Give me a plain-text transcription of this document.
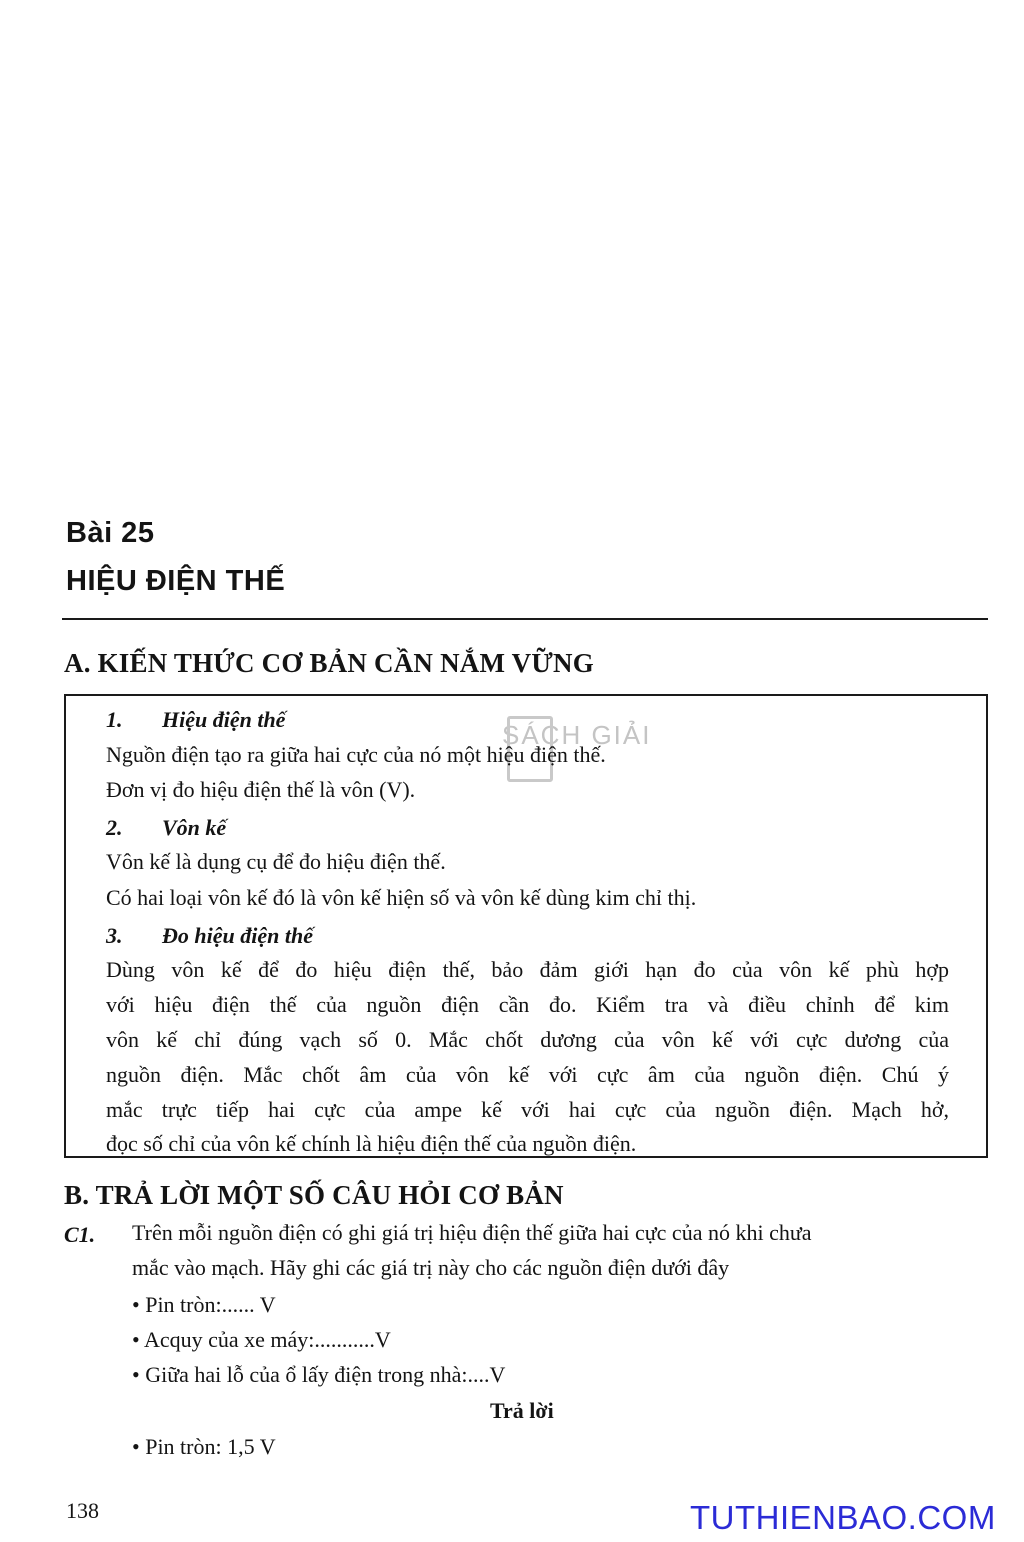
Bài 25
HIỆU ĐIỆN THẾ
A. KIẾN THỨC CƠ BẢN CẦN NẮM VỮNG
SÁCH GIẢI
1. Hiệu điện thế
Nguồn điện tạo ra giữa hai cực của nó một hiệu điện thế.
Đơn vị đo hiệu điện thế là vôn (V).
2. Vôn kế
Vôn kế là dụng cụ để đo hiệu điện thế.
Có hai loại vôn kế đó là vôn kế hiện số và vôn kế dùng kim chỉ thị.
3. Đo hiệu điện thế
Dùng vôn kế để đo hiệu điện thế, bảo đảm giới hạn đo của vôn kế phù hợp
với hiệu điện thế của nguồn điện cần đo. Kiểm tra và điều chỉnh để kim
vôn kế chỉ đúng vạch số 0. Mắc chốt dương của vôn kế với cực dương của
nguồn điện. Mắc chốt âm của vôn kế với cực âm của nguồn điện. Chú ý
mắc trực tiếp hai cực của ampe kế với hai cực của nguồn điện. Mạch hở,
đọc số chỉ của vôn kế chính là hiệu điện thế của nguồn điện.
B. TRẢ LỜI MỘT SỐ CÂU HỎI CƠ BẢN
C1. Trên mỗi nguồn điện có ghi giá trị hiệu điện thế giữa hai cực của nó khi chưa
mắc vào mạch. Hãy ghi các giá trị này cho các nguồn điện dưới đây
• Pin tròn:...... V
• Acquy của xe máy:...........V
• Giữa hai lỗ của ổ lấy điện trong nhà:....V
Trả lời
• Pin tròn: 1,5 V
138	TUTHIENBAO.COM
